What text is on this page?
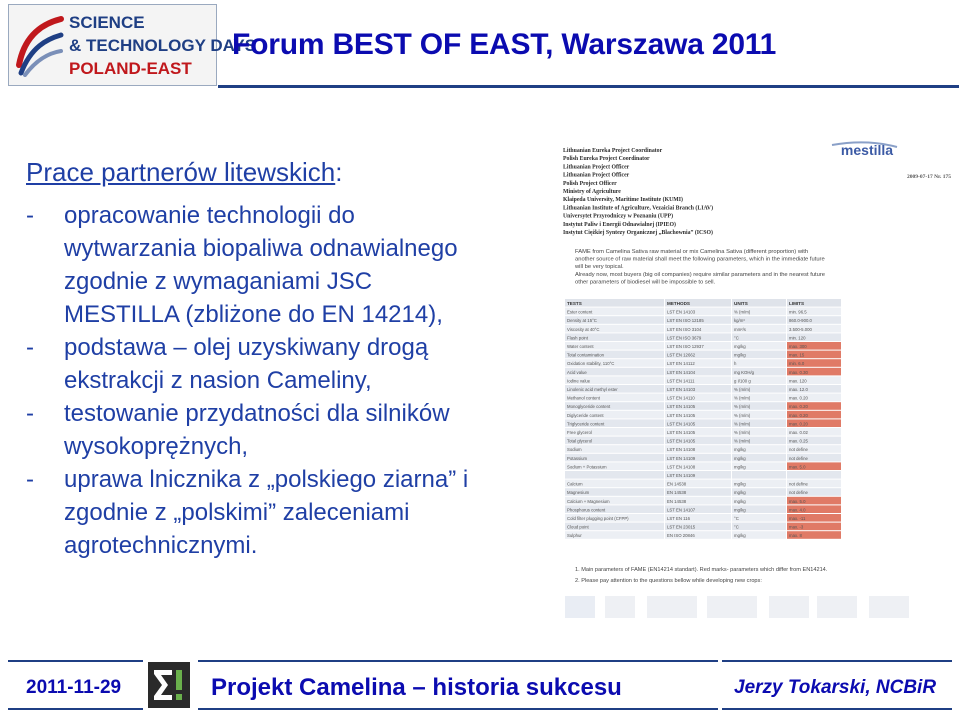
SCIENCE
& TECHNOLOGY DAYS
POLAND-EAST
Forum BEST OF EAST, Warszawa 2011
Prace partnerów litewskich:
- opracowanie technologii do
wytwarzania biopaliwa odnawialnego
zgodnie z wymaganiami JSC
MESTILLA (zbliżone do EN 14214),
- podstawa – olej uzyskiwany drogą
ekstrakcji z nasion Cameliny,
- testowanie przydatności dla silników
wysokoprężnych,
- uprawa lnicznika z „polskiego ziarna” i
zgodnie z „polskimi” zaleceniami
agrotechnicznymi.
Lithuanian Eureka Project Coordinator
Polish Eureka Project Coordinator
Lithuanian Project Officer
Lithuanian Project Officer
Polish Project Officer
Ministry of Agriculture
Klaipeda University, Maritime Institute (KUMI)
Lithuanian Institute of Agriculture, Vezaiciai Branch (LIAV)
Universytet Przyrodniczy w Poznaniu (UPP)
Instytut Paliw i Energii Odnawialnej (IPIEO)
Instytut Ciężkiej Syntezy Organicznej „Blachownia” (ICSO)
mestilla
2009-07-17 Nr. 175
FAME from Camelina Sativa raw material or mix Camelina Sativa (different proportion) with
another source of raw material shall meet the following parameters, which in the immediate future
will be very topical.
Already now, most buyers (big oil companies) require similar parameters and in the nearest future
other parameters of biodiesel will be impossible to sell.
TESTS	METHODS	UNITS	LIMITS
Ester content	LST EN 14103	% (m/m)	min. 96.5
Density at 15°C	LST EN ISO 12185	kg/m³	860.0-900.0
Viscosity at 40°C	LST EN ISO 3104	mm²/s	3.500-5.000
Flash point	LST EN ISO 3679	°C	min. 120
Water content	LST EN ISO 12937	mg/kg	max. 300
Total contamination	LST EN 12662	mg/kg	max. 15
Oxidation stability, 110°C	LST EN 14112	h	min. 6.0
Acid value	LST EN 14104	mg KOH/g	max. 0.30
Iodine value	LST EN 14111	g I/100 g	max. 120
Linolenic acid methyl ester	LST EN 14103	% (m/m)	max. 12.0
Methanol content	LST EN 14110	% (m/m)	max. 0.20
Monoglyceride content	LST EN 14105	% (m/m)	max. 0.20
Diglyceride content	LST EN 14105	% (m/m)	max. 0.20
Triglyceride content	LST EN 14105	% (m/m)	max. 0.20
Free glycerol	LST EN 14105	% (m/m)	max. 0.02
Total glycerol	LST EN 14105	% (m/m)	max. 0.25
Sodium	LST EN 14108	mg/kg	not define
Potassium	LST EN 14109	mg/kg	not define
Sodium + Potassium	LST EN 14108	mg/kg	max. 5.0
LST EN 14109
Calcium	EN 14538	mg/kg	not define
Magnesium	EN 14538	mg/kg	not define
Calcium + Magnesium	EN 14538	mg/kg	max. 5.0
Phosphorus content	LST EN 14107	mg/kg	max. 4.0
Cold filter plugging point (CFPP)	LST EN 116	°C	max. -11
Cloud point	LST EN 23015	°C	max. -3
Sulphur	EN ISO 20846	mg/kg	max. 8
1. Main parameters of FAME (EN14214 standart). Red marks- parameters which differ from EN14214.
2. Please pay attention to the questions bellow while developing new crops:
2011-11-29	Projekt Camelina – historia sukcesu	Jerzy Tokarski, NCBiR
